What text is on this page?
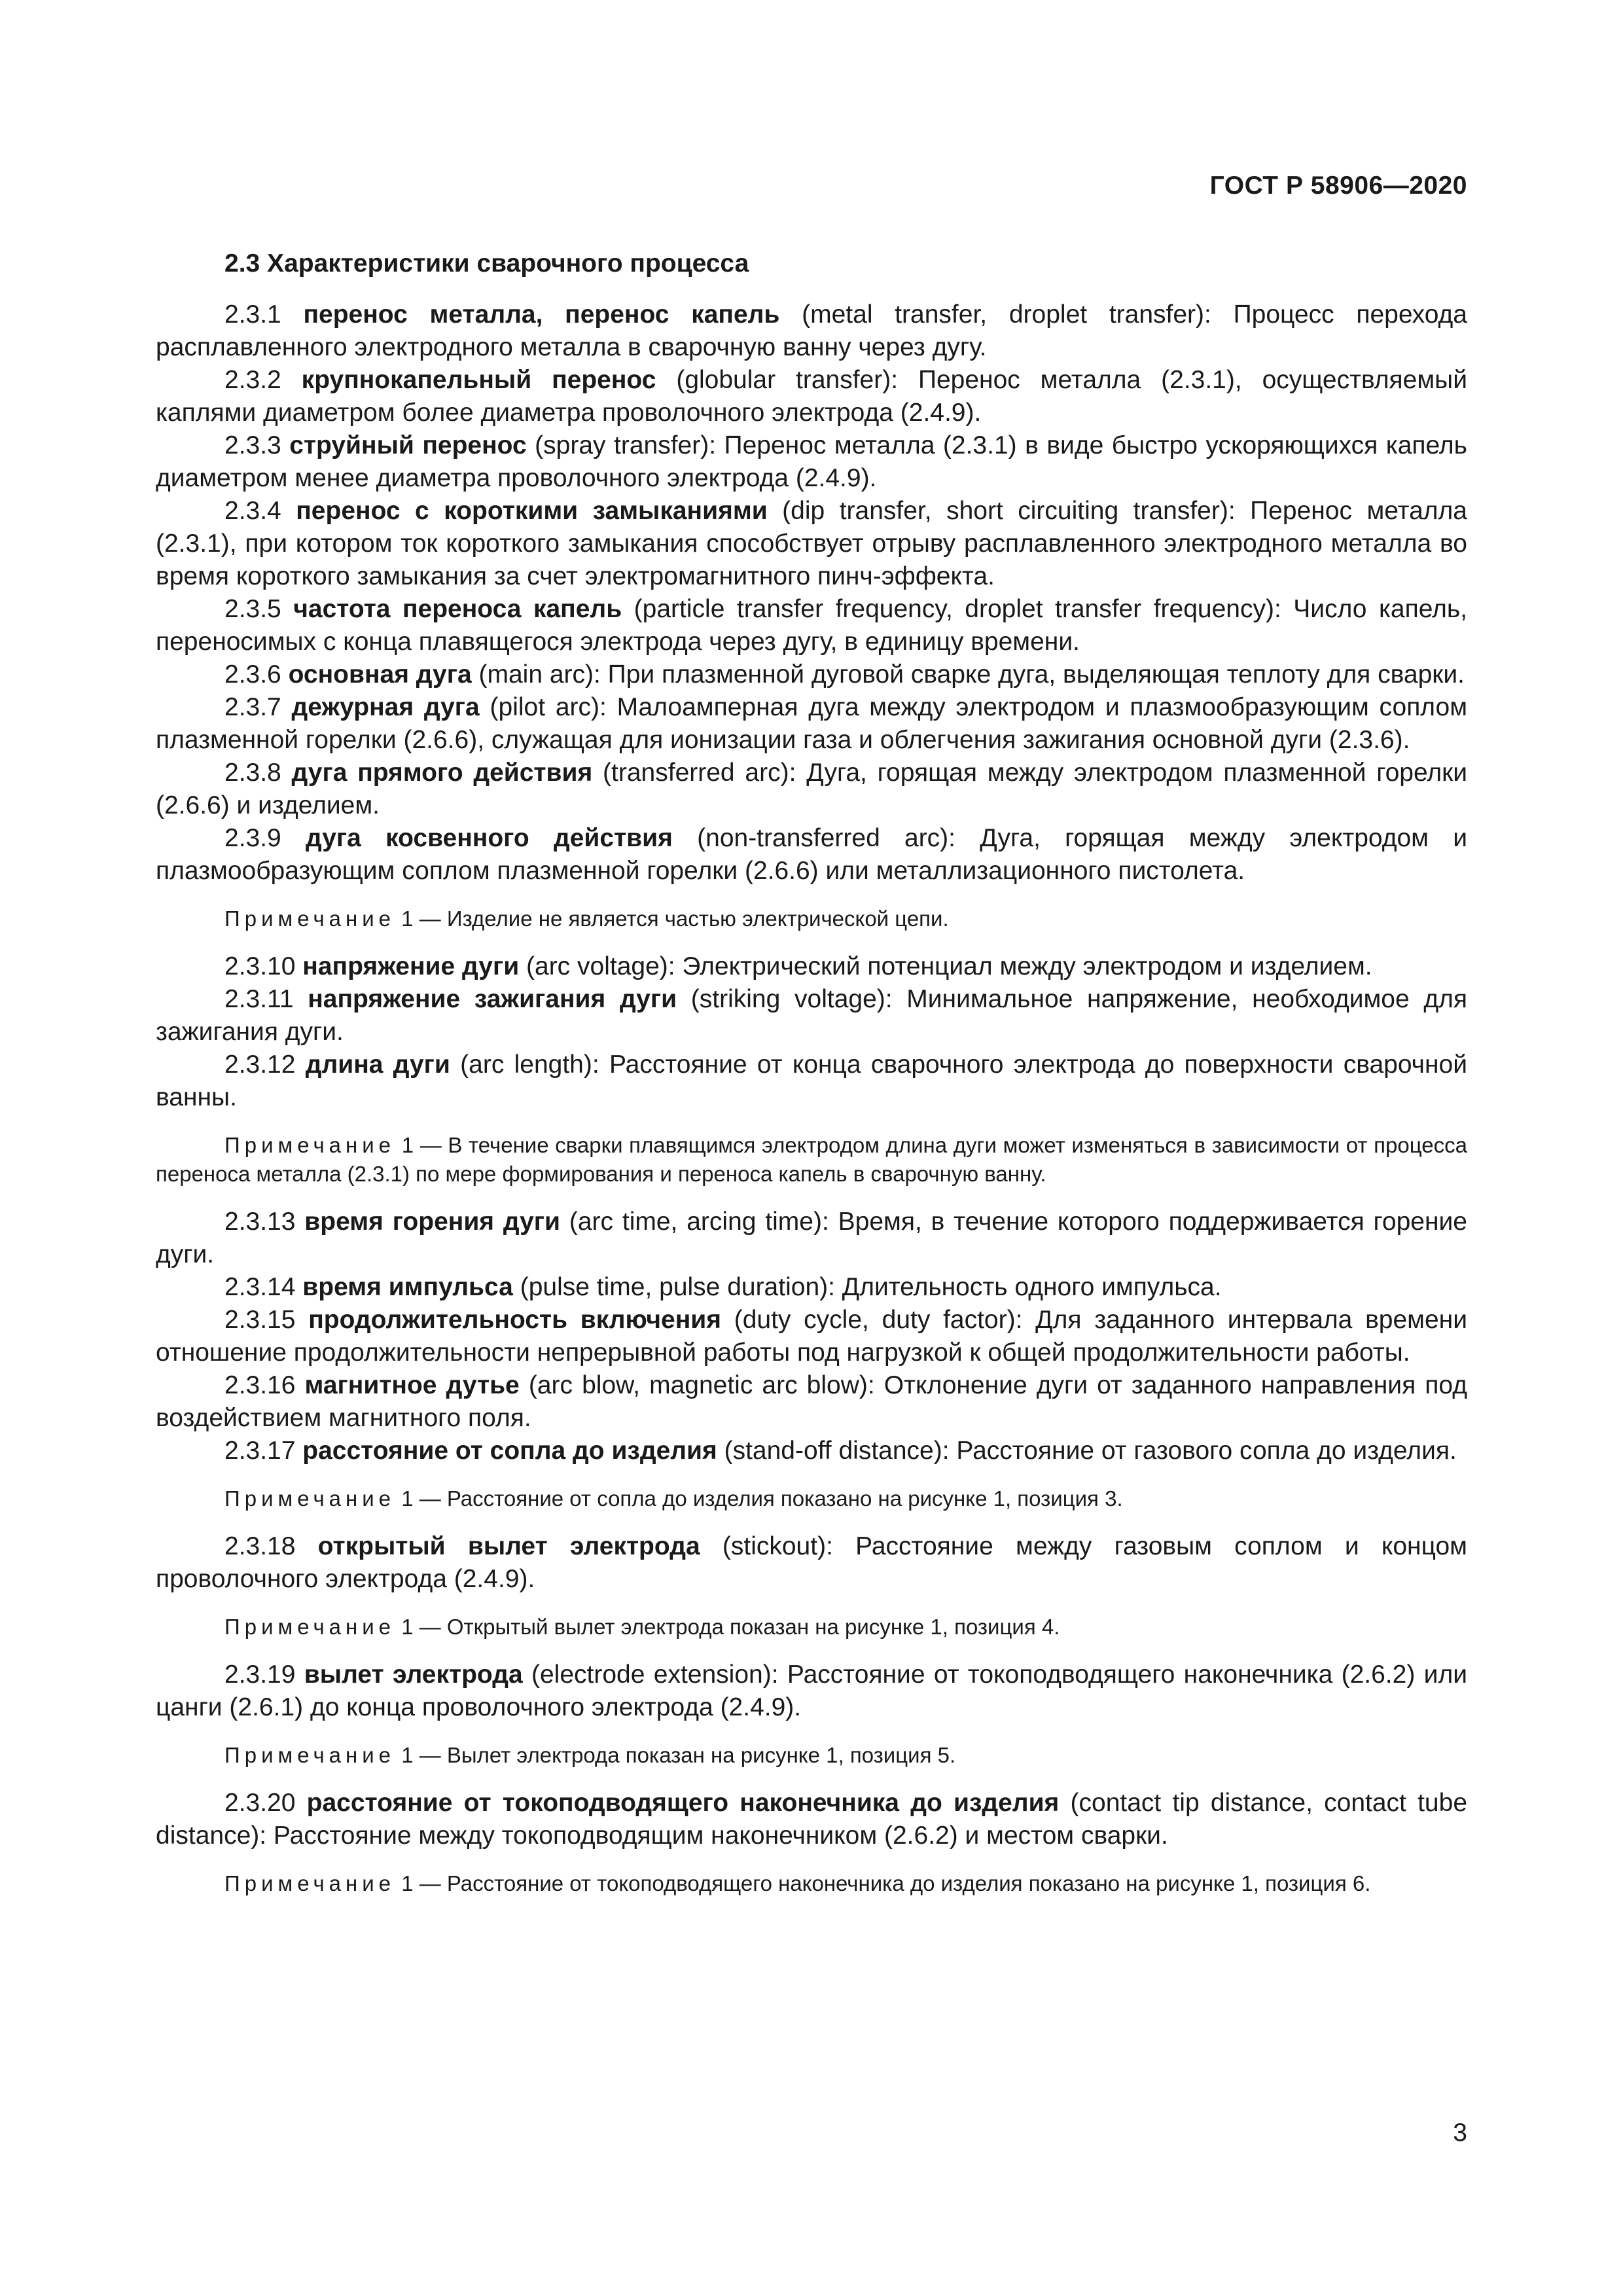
ГОСТ Р 58906—2020
2.3 Характеристики сварочного процесса

2.3.1 перенос металла, перенос капель (metal transfer, droplet transfer): Процесс перехода расплавленного электродного металла в сварочную ванну через дугу.

2.3.2 крупнокапельный перенос (globular transfer): Перенос металла (2.3.1), осуществляемый каплями диаметром более диаметра проволочного электрода (2.4.9).

2.3.3 струйный перенос (spray transfer): Перенос металла (2.3.1) в виде быстро ускоряющихся капель диаметром менее диаметра проволочного электрода (2.4.9).

2.3.4 перенос с короткими замыканиями (dip transfer, short circuiting transfer): Перенос металла (2.3.1), при котором ток короткого замыкания способствует отрыву расплавленного электродного металла во время короткого замыкания за счет электромагнитного пинч-эффекта.

2.3.5 частота переноса капель (particle transfer frequency, droplet transfer frequency): Число капель, переносимых с конца плавящегося электрода через дугу, в единицу времени.

2.3.6 основная дуга (main arc): При плазменной дуговой сварке дуга, выделяющая теплоту для сварки.

2.3.7 дежурная дуга (pilot arc): Малоамперная дуга между электродом и плазмообразующим соплом плазменной горелки (2.6.6), служащая для ионизации газа и облегчения зажигания основной дуги (2.3.6).

2.3.8 дуга прямого действия (transferred arc): Дуга, горящая между электродом плазменной горелки (2.6.6) и изделием.

2.3.9 дуга косвенного действия (non-transferred arc): Дуга, горящая между электродом и плазмообразующим соплом плазменной горелки (2.6.6) или металлизационного пистолета.

Примечание 1 — Изделие не является частью электрической цепи.

2.3.10 напряжение дуги (arc voltage): Электрический потенциал между электродом и изделием.

2.3.11 напряжение зажигания дуги (striking voltage): Минимальное напряжение, необходимое для зажигания дуги.

2.3.12 длина дуги (arc length): Расстояние от конца сварочного электрода до поверхности сварочной ванны.

Примечание 1 — В течение сварки плавящимся электродом длина дуги может изменяться в зависимости от процесса переноса металла (2.3.1) по мере формирования и переноса капель в сварочную ванну.

2.3.13 время горения дуги (arc time, arcing time): Время, в течение которого поддерживается горение дуги.

2.3.14 время импульса (pulse time, pulse duration): Длительность одного импульса.

2.3.15 продолжительность включения (duty cycle, duty factor): Для заданного интервала времени отношение продолжительности непрерывной работы под нагрузкой к общей продолжительности работы.

2.3.16 магнитное дутье (arc blow, magnetic arc blow): Отклонение дуги от заданного направления под воздействием магнитного поля.

2.3.17 расстояние от сопла до изделия (stand-off distance): Расстояние от газового сопла до изделия.

Примечание 1 — Расстояние от сопла до изделия показано на рисунке 1, позиция 3.

2.3.18 открытый вылет электрода (stickout): Расстояние между газовым соплом и концом проволочного электрода (2.4.9).

Примечание 1 — Открытый вылет электрода показан на рисунке 1, позиция 4.

2.3.19 вылет электрода (electrode extension): Расстояние от токоподводящего наконечника (2.6.2) или цанги (2.6.1) до конца проволочного электрода (2.4.9).

Примечание 1 — Вылет электрода показан на рисунке 1, позиция 5.

2.3.20 расстояние от токоподводящего наконечника до изделия (contact tip distance, contact tube distance): Расстояние между токоподводящим наконечником (2.6.2) и местом сварки.

Примечание 1 — Расстояние от токоподводящего наконечника до изделия показано на рисунке 1, позиция 6.

3
